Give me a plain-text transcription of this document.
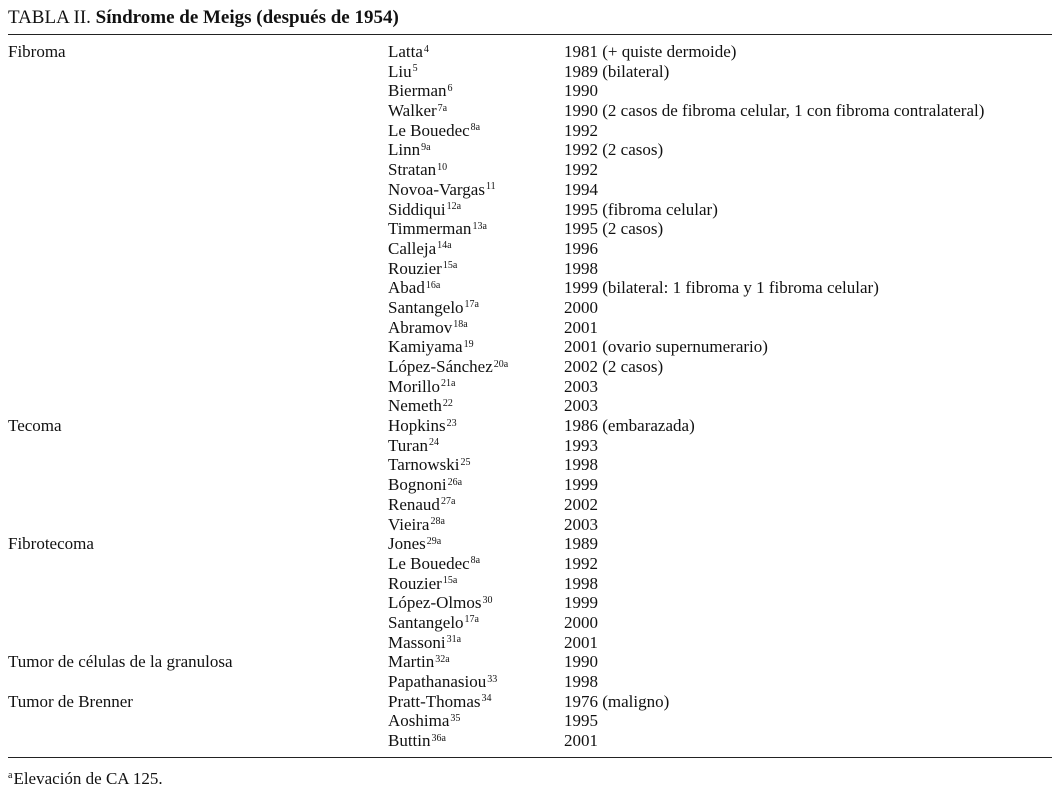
TABLA II. Síndrome de Meigs (después de 1954)
Fibroma	Latta$^4$	1981 (+ quiste dermoide)
Liu$^5$	1989 (bilateral)
Bierman$^6$	1990
Walker$^{7a}$	1990 (2 casos de fibroma celular, 1 con fibroma contralateral)
Le Bouedec$^{8a}$	1992
Linn$^{9a}$	1992 (2 casos)
Stratan$^{10}$	1992
Novoa-Vargas$^{11}$	1994
Siddiqui$^{12a}$	1995 (fibroma celular)
Timmerman$^{13a}$	1995 (2 casos)
Calleja$^{14a}$	1996
Rouzier$^{15a}$	1998
Abad$^{16a}$	1999 (bilateral: 1 fibroma y 1 fibroma celular)
Santangelo$^{17a}$	2000
Abramov$^{18a}$	2001
Kamiyama$^{19}$	2001 (ovario supernumerario)
López-Sánchez$^{20a}$	2002 (2 casos)
Morillo$^{21a}$	2003
Nemeth$^{22}$	2003
Tecoma	Hopkins$^{23}$	1986 (embarazada)
Turan$^{24}$	1993
Tarnowski$^{25}$	1998
Bognoni$^{26a}$	1999
Renaud$^{27a}$	2002
Vieira$^{28a}$	2003
Fibrotecoma	Jones$^{29a}$	1989
Le Bouedec$^{8a}$	1992
Rouzier$^{15a}$	1998
López-Olmos$^{30}$	1999
Santangelo$^{17a}$	2000
Massoni$^{31a}$	2001
Tumor de células de la granulosa	Martin$^{32a}$	1990
Papathanasiou$^{33}$	1998
Tumor de Brenner	Pratt-Thomas$^{34}$	1976 (maligno)
Aoshima$^{35}$	1995
Buttin$^{36a}$	2001
$^a$Elevación de CA 125.
